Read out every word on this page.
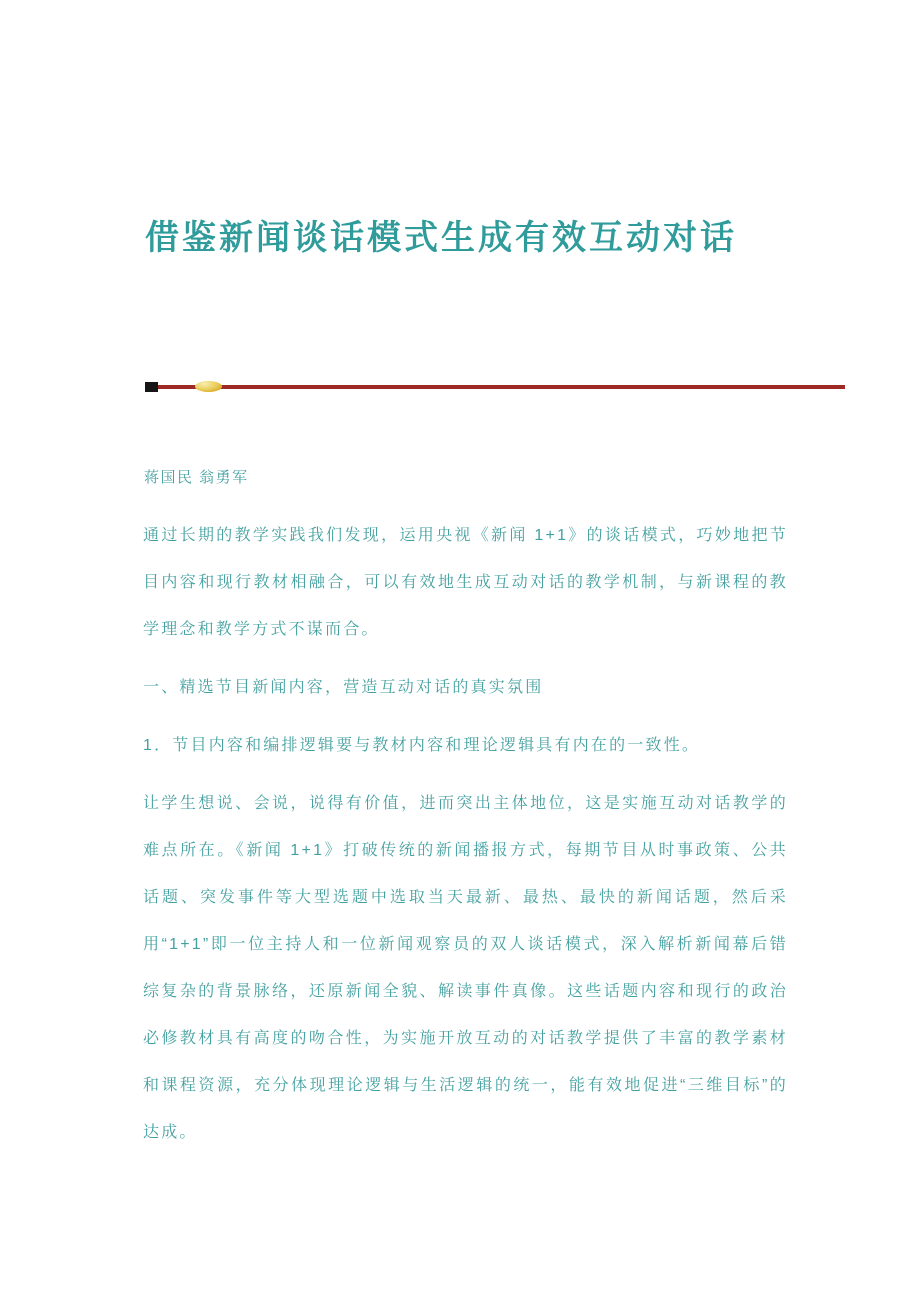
借鉴新闻谈话模式生成有效互动对话

蒋国民 翁勇军

通过长期的教学实践我们发现，运用央视《新闻 1+1》的谈话模式，巧妙地把节目内容和现行教材相融合，可以有效地生成互动对话的教学机制，与新课程的教学理念和教学方式不谋而合。

一、精选节目新闻内容，营造互动对话的真实氛围

1．节目内容和编排逻辑要与教材内容和理论逻辑具有内在的一致性。

让学生想说、会说，说得有价值，进而突出主体地位，这是实施互动对话教学的难点所在。《新闻 1+1》打破传统的新闻播报方式，每期节目从时事政策、公共话题、突发事件等大型选题中选取当天最新、最热、最快的新闻话题，然后采用“1+1”即一位主持人和一位新闻观察员的双人谈话模式，深入解析新闻幕后错综复杂的背景脉络，还原新闻全貌、解读事件真像。这些话题内容和现行的政治必修教材具有高度的吻合性，为实施开放互动的对话教学提供了丰富的教学素材和课程资源，充分体现理论逻辑与生活逻辑的统一，能有效地促进“三维目标”的达成。
